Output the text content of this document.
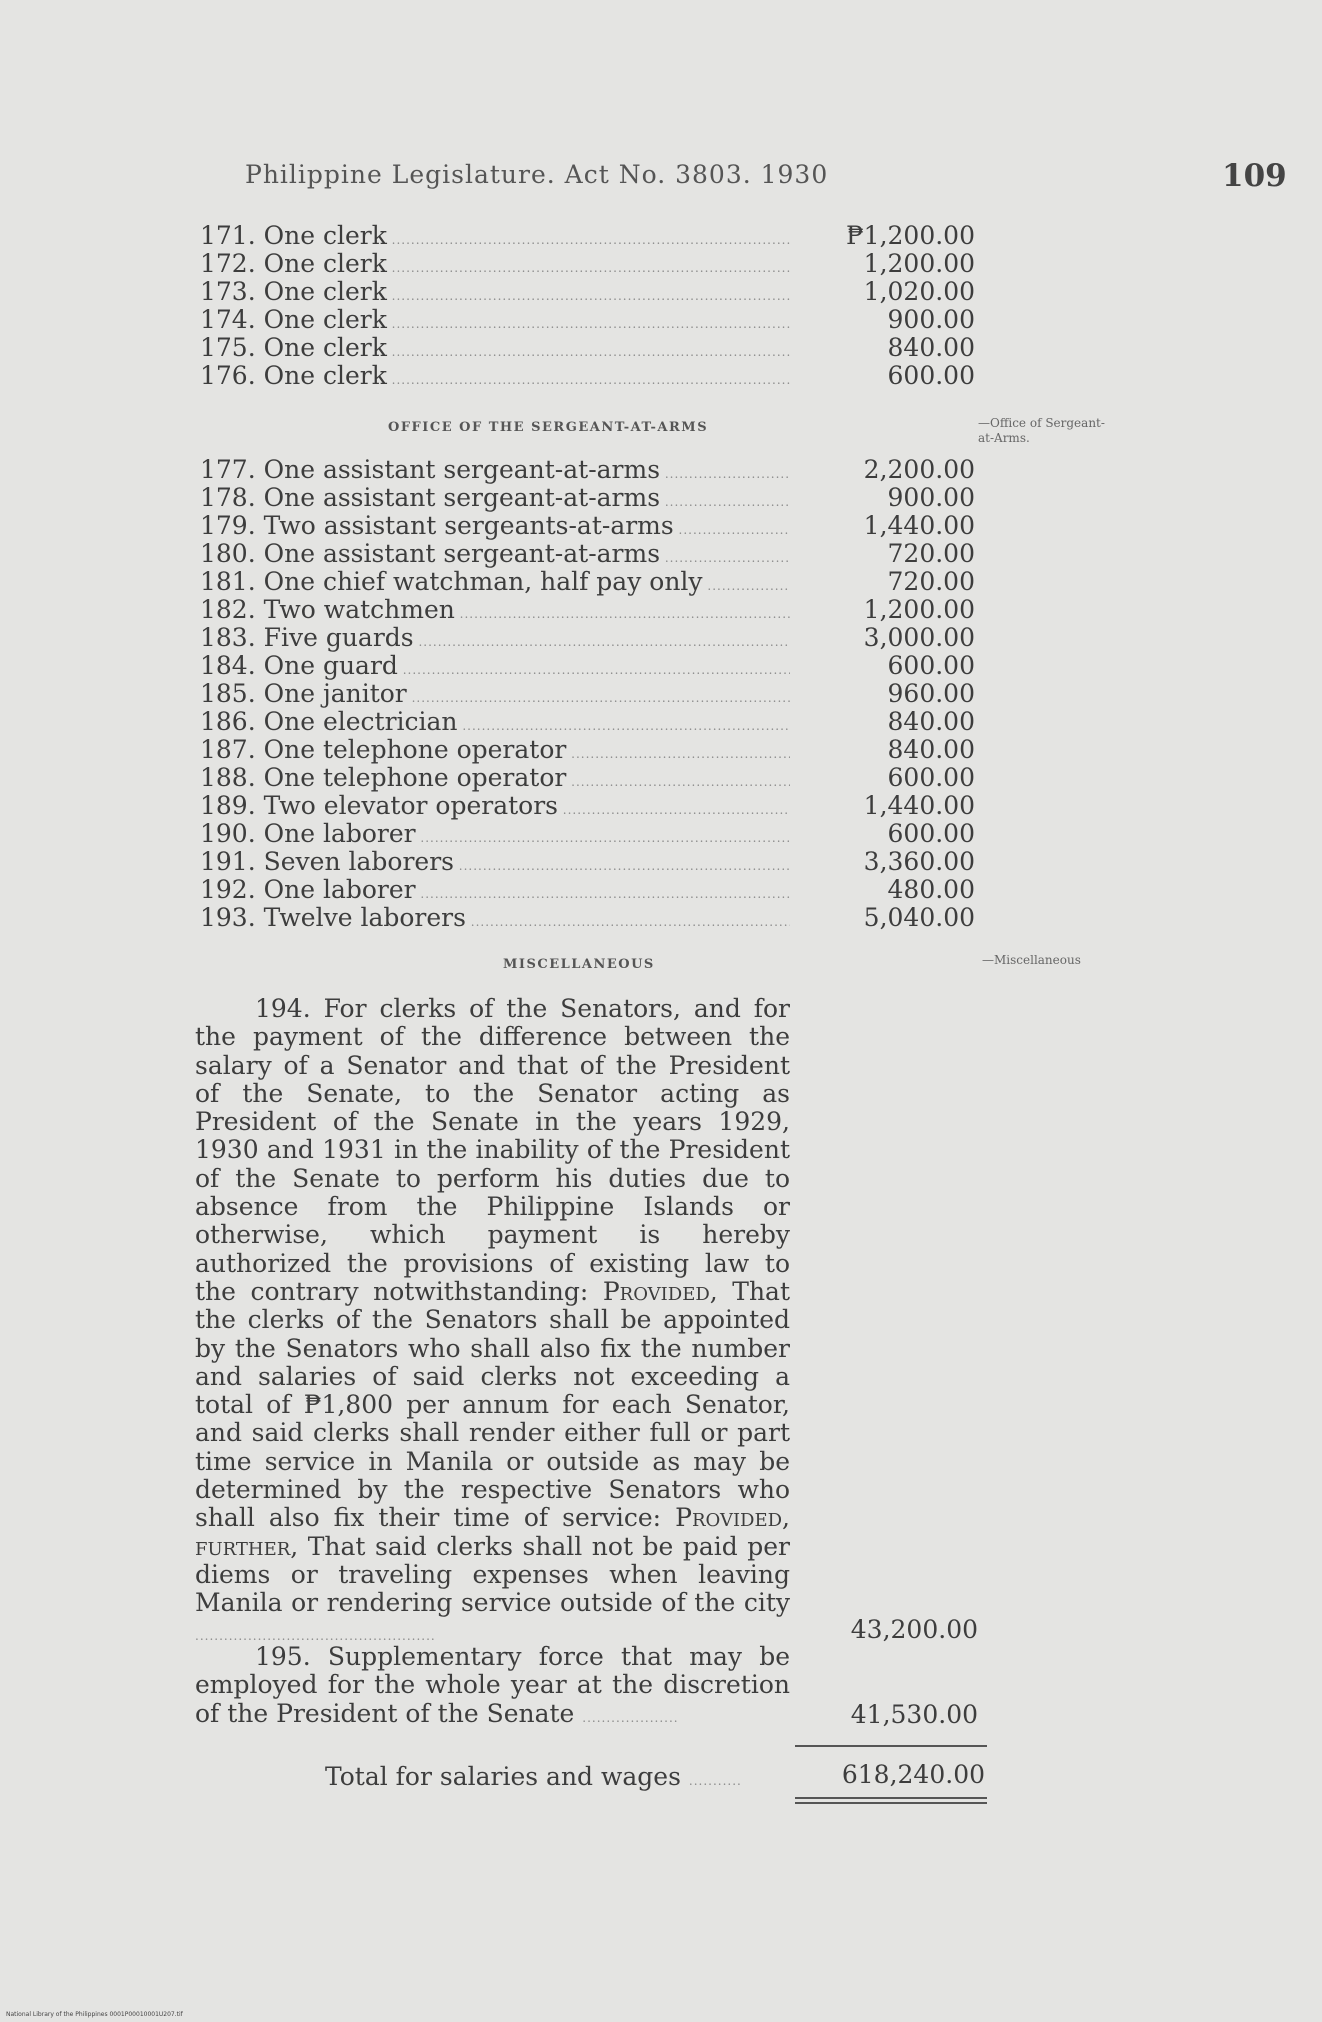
Philippine Legislature. Act No. 3803. 1930	109
171. One clerk .....	₱1,200.00
172. One clerk .....	1,200.00
173. One clerk .....	1,020.00
174. One clerk .....	900.00
175. One clerk .....	840.00
176. One clerk .....	600.00
OFFICE OF THE SERGEANT-AT-ARMS	—Office of Sergeant-
at-Arms.
177. One assistant sergeant-at-arms .....	2,200.00
178. One assistant sergeant-at-arms .....	900.00
179. Two assistant sergeants-at-arms .....	1,440.00
180. One assistant sergeant-at-arms .....	720.00
181. One chief watchman, half pay only .....	720.00
182. Two watchmen .....	1,200.00
183. Five guards .....	3,000.00
184. One guard .....	600.00
185. One janitor .....	960.00
186. One electrician .....	840.00
187. One telephone operator .....	840.00
188. One telephone operator .....	600.00
189. Two elevator operators .....	1,440.00
190. One laborer .....	600.00
191. Seven laborers .....	3,360.00
192. One laborer .....	480.00
193. Twelve laborers .....	5,040.00
MISCELLANEOUS	—Miscellaneous
194. For clerks of the Senators, and for the payment of the difference between the salary of a Senator and that of the President of the Senate, to the Senator acting as President of the Senate in the years 1929, 1930 and 1931 in the inability of the President of the Senate to perform his duties due to absence from the Philippine Islands or otherwise, which payment is hereby authorized the provisions of existing law to the contrary notwithstanding: Provided, That the clerks of the Senators shall be appointed by the Senators who shall also fix the number and salaries of said clerks not exceeding a total of ₱1,800 per annum for each Senator, and said clerks shall render either full or part time service in Manila or outside as may be determined by the respective Senators who shall also fix their time of service: Provided, further, That said clerks shall not be paid per diems or traveling expenses when leaving Manila or rendering service outside of the city ..................................................	43,200.00
195. Supplementary force that may be employed for the whole year at the discretion of the President of the Senate ....................	41,530.00
Total for salaries and wages ...........	618,240.00
National Library of the Philippines 0001P00010001U207.tif
